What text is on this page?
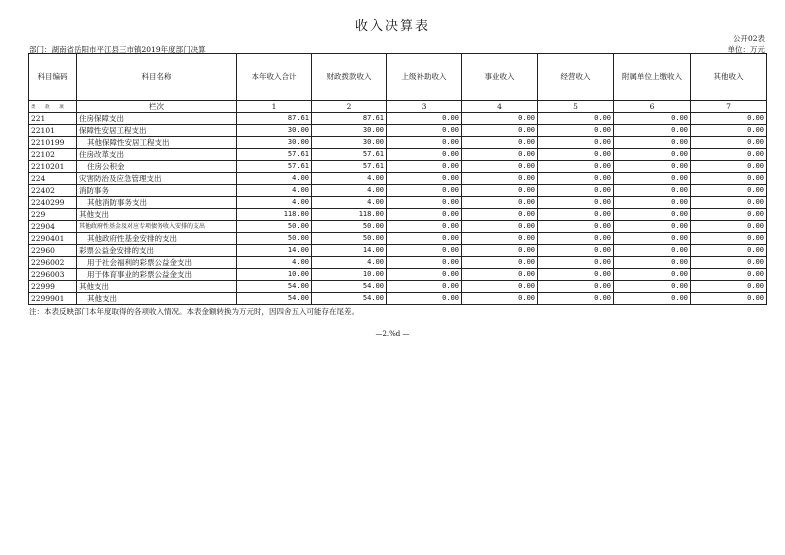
收入决算表
公开02表
部门：湖南省岳阳市平江县三市镇2019年度部门决算	单位：万元
科目编码	科目名称	本年收入合计	财政拨款收入	上级补助收入	事业收入	经营收入	附属单位上缴收入	其他收入
类 款 项	栏次	1	2	3	4	5	6	7
221	住房保障支出	87.61	87.61	0.00	0.00	0.00	0.00	0.00
22101	保障性安居工程支出	30.00	30.00	0.00	0.00	0.00	0.00	0.00
2210199	其他保障性安居工程支出	30.00	30.00	0.00	0.00	0.00	0.00	0.00
22102	住房改革支出	57.61	57.61	0.00	0.00	0.00	0.00	0.00
2210201	住房公积金	57.61	57.61	0.00	0.00	0.00	0.00	0.00
224	灾害防治及应急管理支出	4.00	4.00	0.00	0.00	0.00	0.00	0.00
22402	消防事务	4.00	4.00	0.00	0.00	0.00	0.00	0.00
2240299	其他消防事务支出	4.00	4.00	0.00	0.00	0.00	0.00	0.00
229	其他支出	118.00	118.00	0.00	0.00	0.00	0.00	0.00
22904	其他政府性基金及对应专项债务收入安排的支出	50.00	50.00	0.00	0.00	0.00	0.00	0.00
2290401	其他政府性基金安排的支出	50.00	50.00	0.00	0.00	0.00	0.00	0.00
22960	彩票公益金安排的支出	14.00	14.00	0.00	0.00	0.00	0.00	0.00
2296002	用于社会福利的彩票公益金支出	4.00	4.00	0.00	0.00	0.00	0.00	0.00
2296003	用于体育事业的彩票公益金支出	10.00	10.00	0.00	0.00	0.00	0.00	0.00
22999	其他支出	54.00	54.00	0.00	0.00	0.00	0.00	0.00
2299901	其他支出	54.00	54.00	0.00	0.00	0.00	0.00	0.00
注：本表反映部门本年度取得的各项收入情况。本表金额转换为万元时，因四舍五入可能存在尾差。
—2.%d —
